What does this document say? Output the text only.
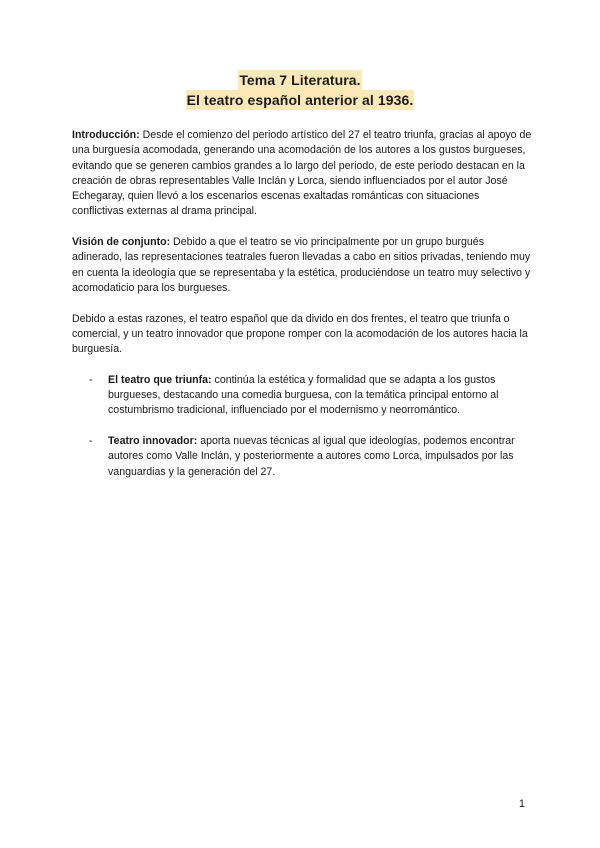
Tema 7 Literatura.
El teatro español anterior al 1936.

Introducción: Desde el comienzo del periodo artístico del 27 el teatro triunfa, gracias al apoyo de una burguesía acomodada, generando una acomodación de los autores a los gustos burgueses, evitando que se generen cambios grandes a lo largo del periodo, de este periodo destacan en la creación de obras representables Valle Inclán y Lorca, siendo influenciados por el autor José Echegaray, quien llevó a los escenarios escenas exaltadas románticas con situaciones conflictivas externas al drama principal.

Visión de conjunto: Debido a que el teatro se vio principalmente por un grupo burgués adinerado, las representaciones teatrales fueron llevadas a cabo en sitios privadas, teniendo muy en cuenta la ideología que se representaba y la estética, produciéndose un teatro muy selectivo y acomodaticio para los burgueses.

Debido a estas razones, el teatro español que da divido en dos frentes, el teatro que triunfa o comercial, y un teatro innovador que propone romper con la acomodación de los autores hacia la burguesía.

- El teatro que triunfa: continúa la estética y formalidad que se adapta a los gustos burgueses, destacando una comedia burguesa, con la temática principal entorno al costumbrismo tradicional, influenciado por el modernismo y neorromántico.
- Teatro innovador: aporta nuevas técnicas al igual que ideologías, podemos encontrar autores como Valle Inclán, y posteriormente a autores como Lorca, impulsados por las vanguardias y la generación del 27.
1
